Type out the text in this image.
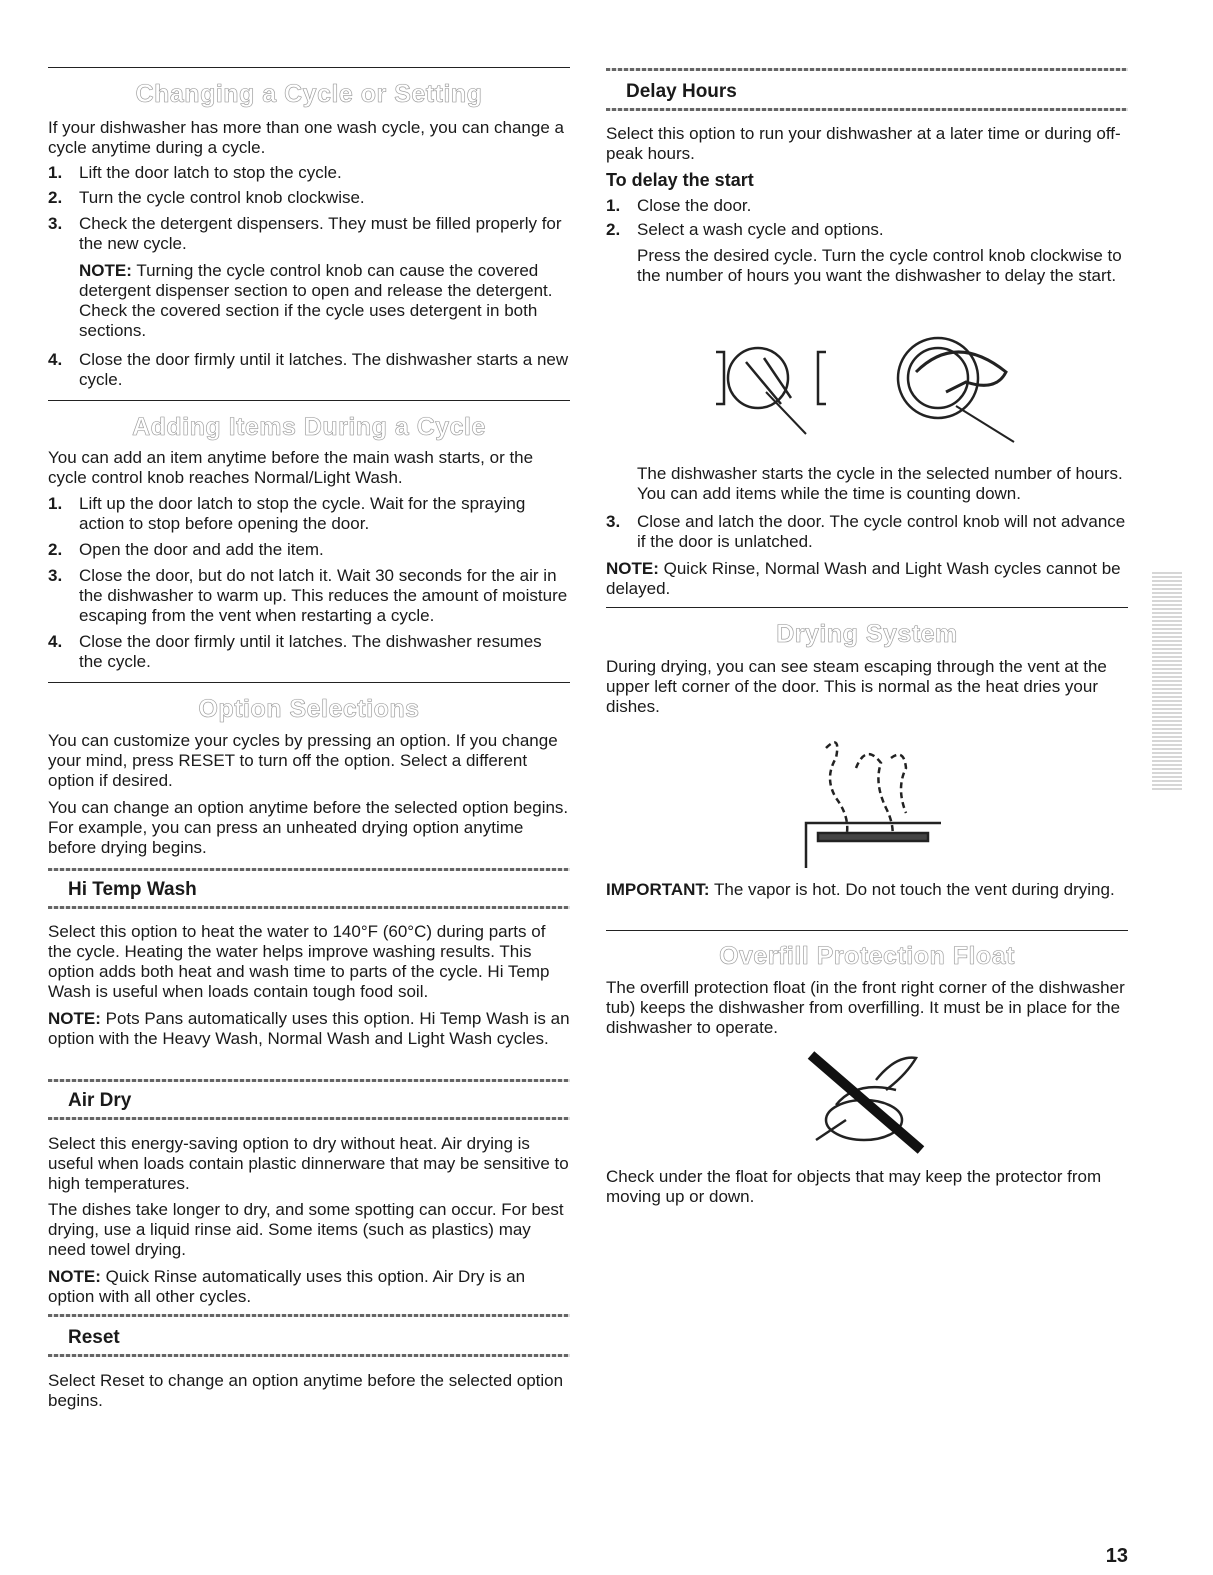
Changing a Cycle or Setting

If your dishwasher has more than one wash cycle, you can change a cycle anytime during a cycle.

1. Lift the door latch to stop the cycle.
2. Turn the cycle control knob clockwise.
3. Check the detergent dispensers. They must be filled properly for the new cycle.
NOTE: Turning the cycle control knob can cause the covered detergent dispenser section to open and release the detergent. Check the covered section if the cycle uses detergent in both sections.
4. Close the door firmly until it latches. The dishwasher starts a new cycle.
Adding Items During a Cycle

You can add an item anytime before the main wash starts, or the cycle control knob reaches Normal/Light Wash.

1. Lift up the door latch to stop the cycle. Wait for the spraying action to stop before opening the door.
2. Open the door and add the item.
3. Close the door, but do not latch it. Wait 30 seconds for the air in the dishwasher to warm up. This reduces the amount of moisture escaping from the vent when restarting a cycle.
4. Close the door firmly until it latches. The dishwasher resumes the cycle.
Option Selections

You can customize your cycles by pressing an option. If you change your mind, press RESET to turn off the option. Select a different option if desired.

You can change an option anytime before the selected option begins. For example, you can press an unheated drying option anytime before drying begins.

Hi Temp Wash

Select this option to heat the water to 140°F (60°C) during parts of the cycle. Heating the water helps improve washing results. This option adds both heat and wash time to parts of the cycle. Hi Temp Wash is useful when loads contain tough food soil.

NOTE: Pots Pans automatically uses this option. Hi Temp Wash is an option with the Heavy Wash, Normal Wash and Light Wash cycles.

Air Dry

Select this energy-saving option to dry without heat. Air drying is useful when loads contain plastic dinnerware that may be sensitive to high temperatures.

The dishes take longer to dry, and some spotting can occur. For best drying, use a liquid rinse aid. Some items (such as plastics) may need towel drying.

NOTE: Quick Rinse automatically uses this option. Air Dry is an option with all other cycles.

Reset

Select Reset to change an option anytime before the selected option begins.

Delay Hours

Select this option to run your dishwasher at a later time or during off-peak hours.

To delay the start
1. Close the door.
2. Select a wash cycle and options.
Press the desired cycle. Turn the cycle control knob clockwise to the number of hours you want the dishwasher to delay the start.
The dishwasher starts the cycle in the selected number of hours. You can add items while the time is counting down.
3. Close and latch the door. The cycle control knob will not advance if the door is unlatched.

NOTE: Quick Rinse, Normal Wash and Light Wash cycles cannot be delayed.

Drying System

During drying, you can see steam escaping through the vent at the upper left corner of the door. This is normal as the heat dries your dishes.

IMPORTANT: The vapor is hot. Do not touch the vent during drying.

Overfill Protection Float

The overfill protection float (in the front right corner of the dishwasher tub) keeps the dishwasher from overfilling. It must be in place for the dishwasher to operate.

Check under the float for objects that may keep the protector from moving up or down.

13
